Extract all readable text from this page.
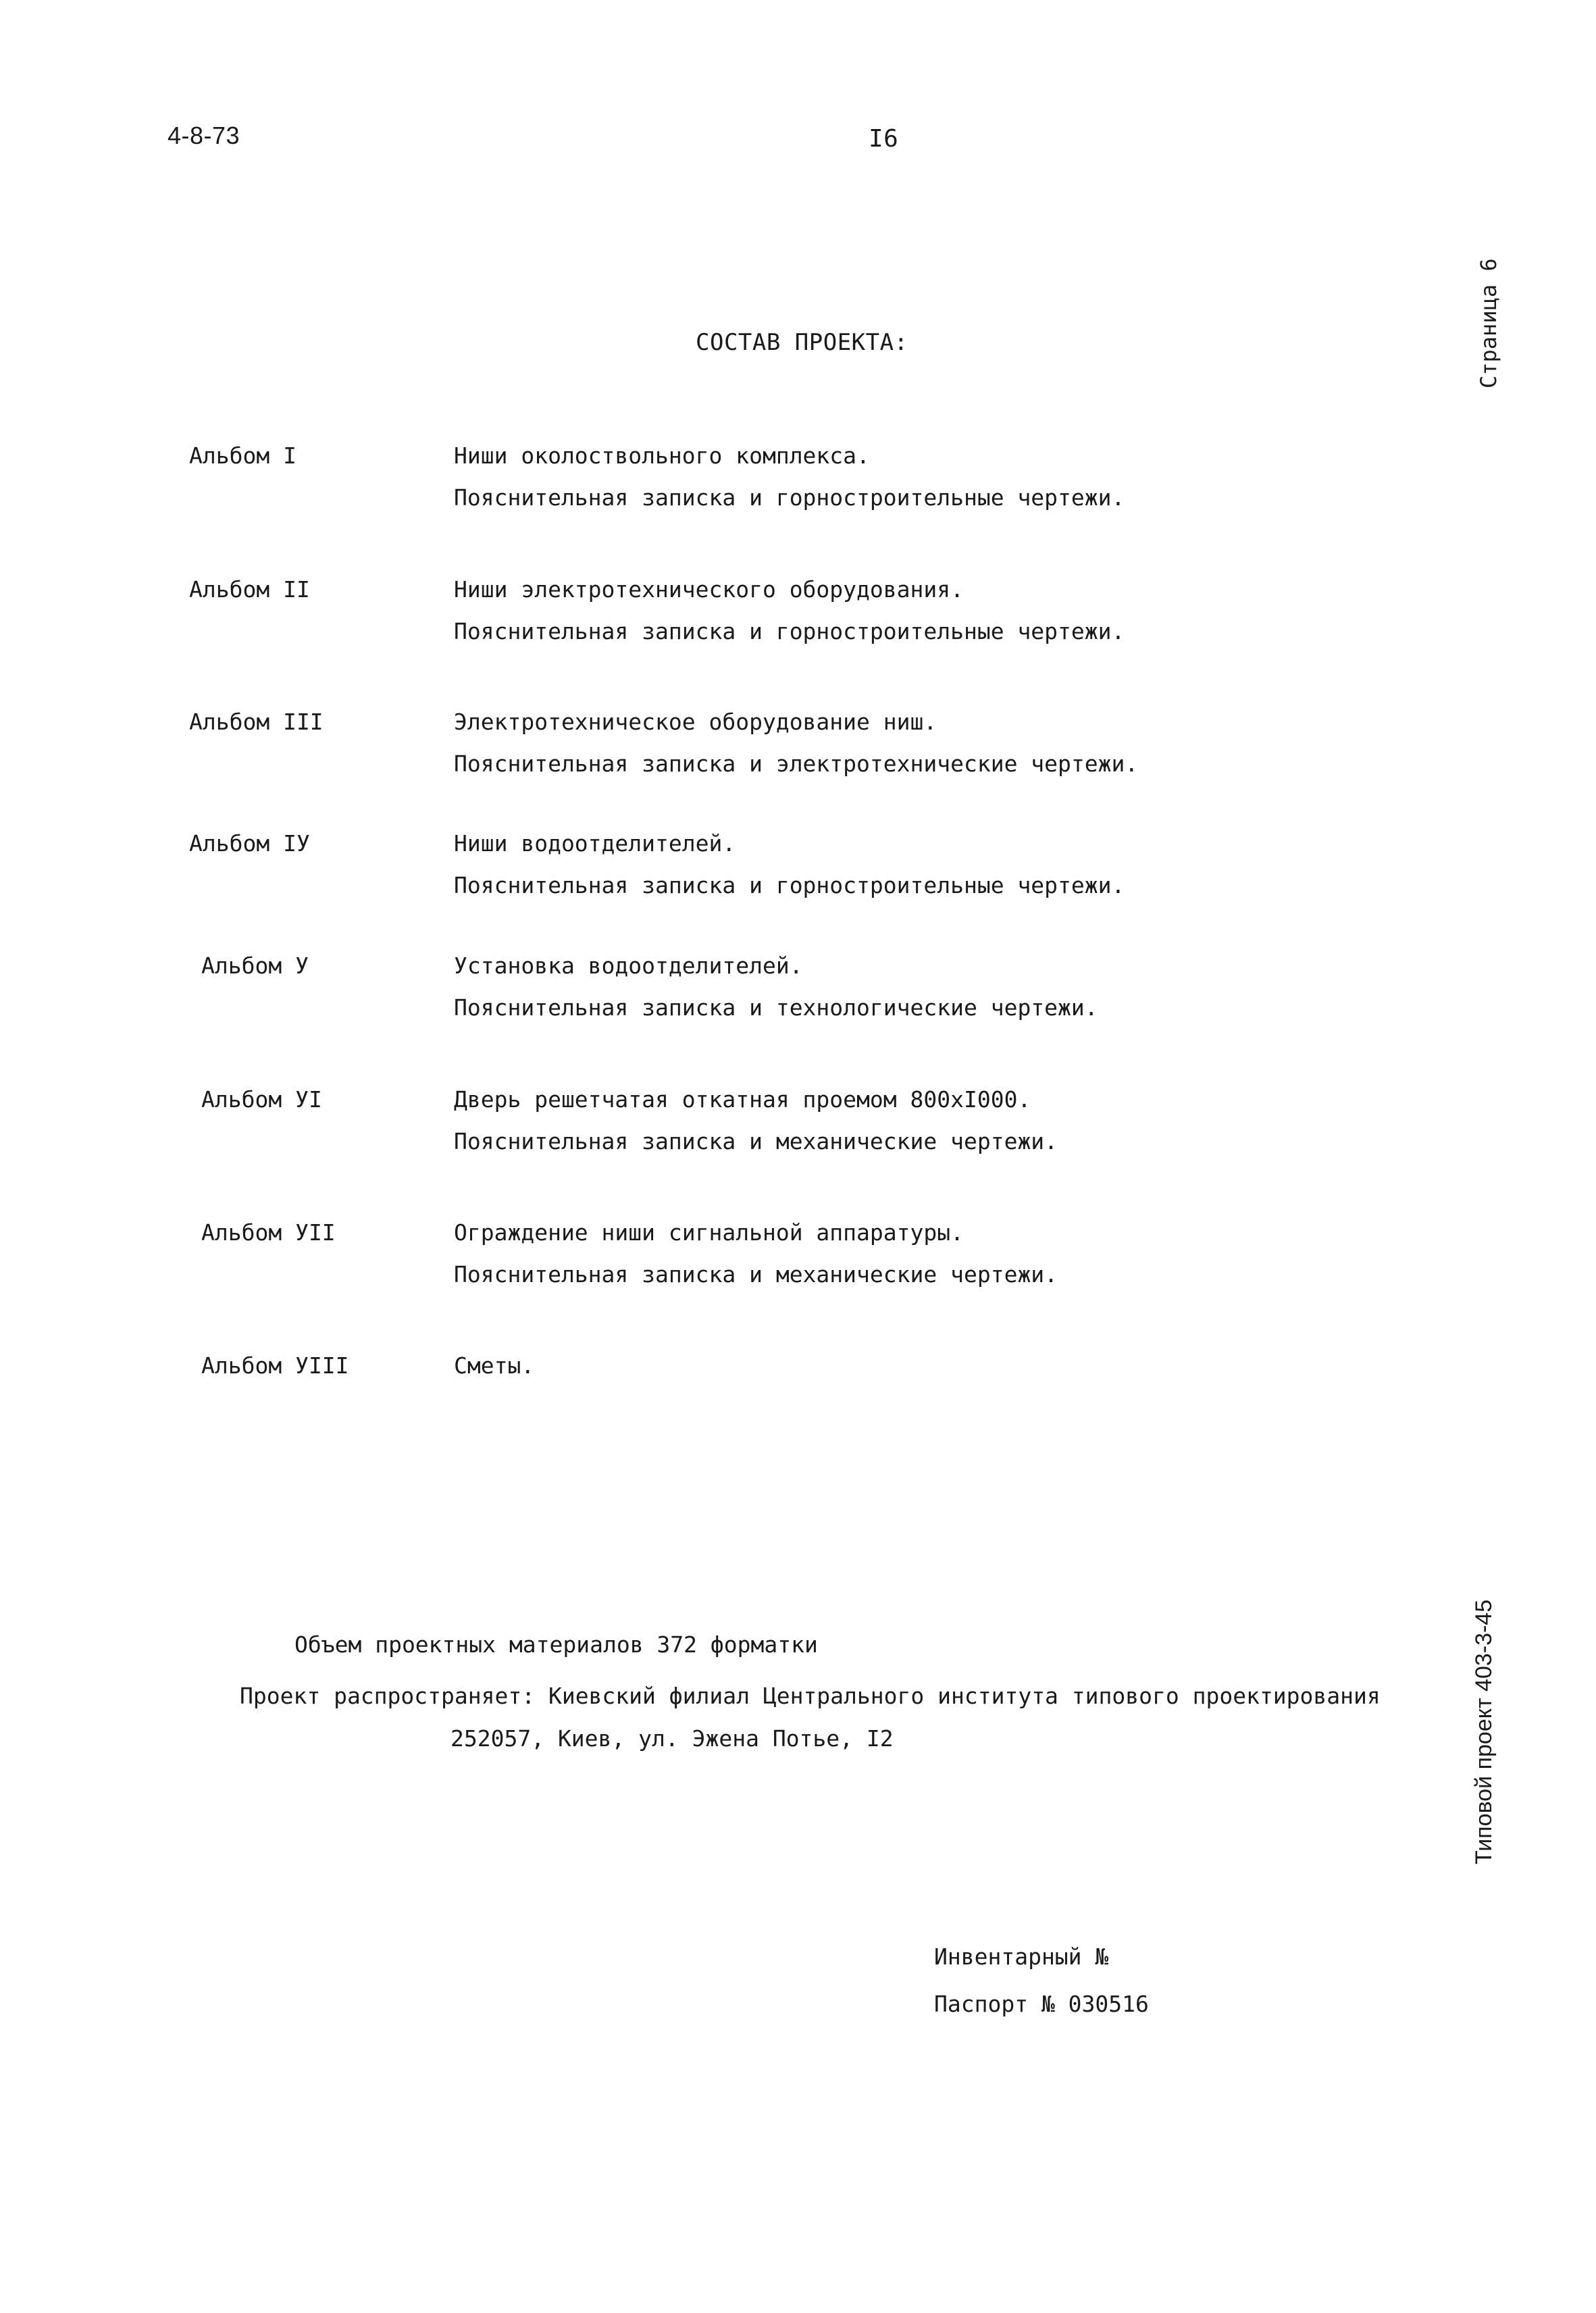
4-8-73	I6
Страница 6
Типовой проект 403-3-45
СОСТАВ ПРОЕКТА:
Альбом I	Ниши околоствольного комплекса.
Пояснительная записка и горностроительные чертежи.
Альбом II	Ниши электротехнического оборудования.
Пояснительная записка и горностроительные чертежи.
Альбом III	Электротехническое оборудование ниш.
Пояснительная записка и электротехнические чертежи.
Альбом IУ	Ниши водоотделителей.
Пояснительная записка и горностроительные чертежи.
Альбом У	Установка водоотделителей.
Пояснительная записка и технологические чертежи.
Альбом УI	Дверь решетчатая откатная проемом 800xI000.
Пояснительная записка и механические чертежи.
Альбом УII	Ограждение ниши сигнальной аппаратуры.
Пояснительная записка и механические чертежи.
Альбом УIII	Сметы.
Объем проектных материалов 372 форматки
Проект распространяет: Киевский филиал Центрального института типового проектирования
252057, Киев, ул. Эжена Потье, I2
Инвентарный №
Паспорт № 030516
